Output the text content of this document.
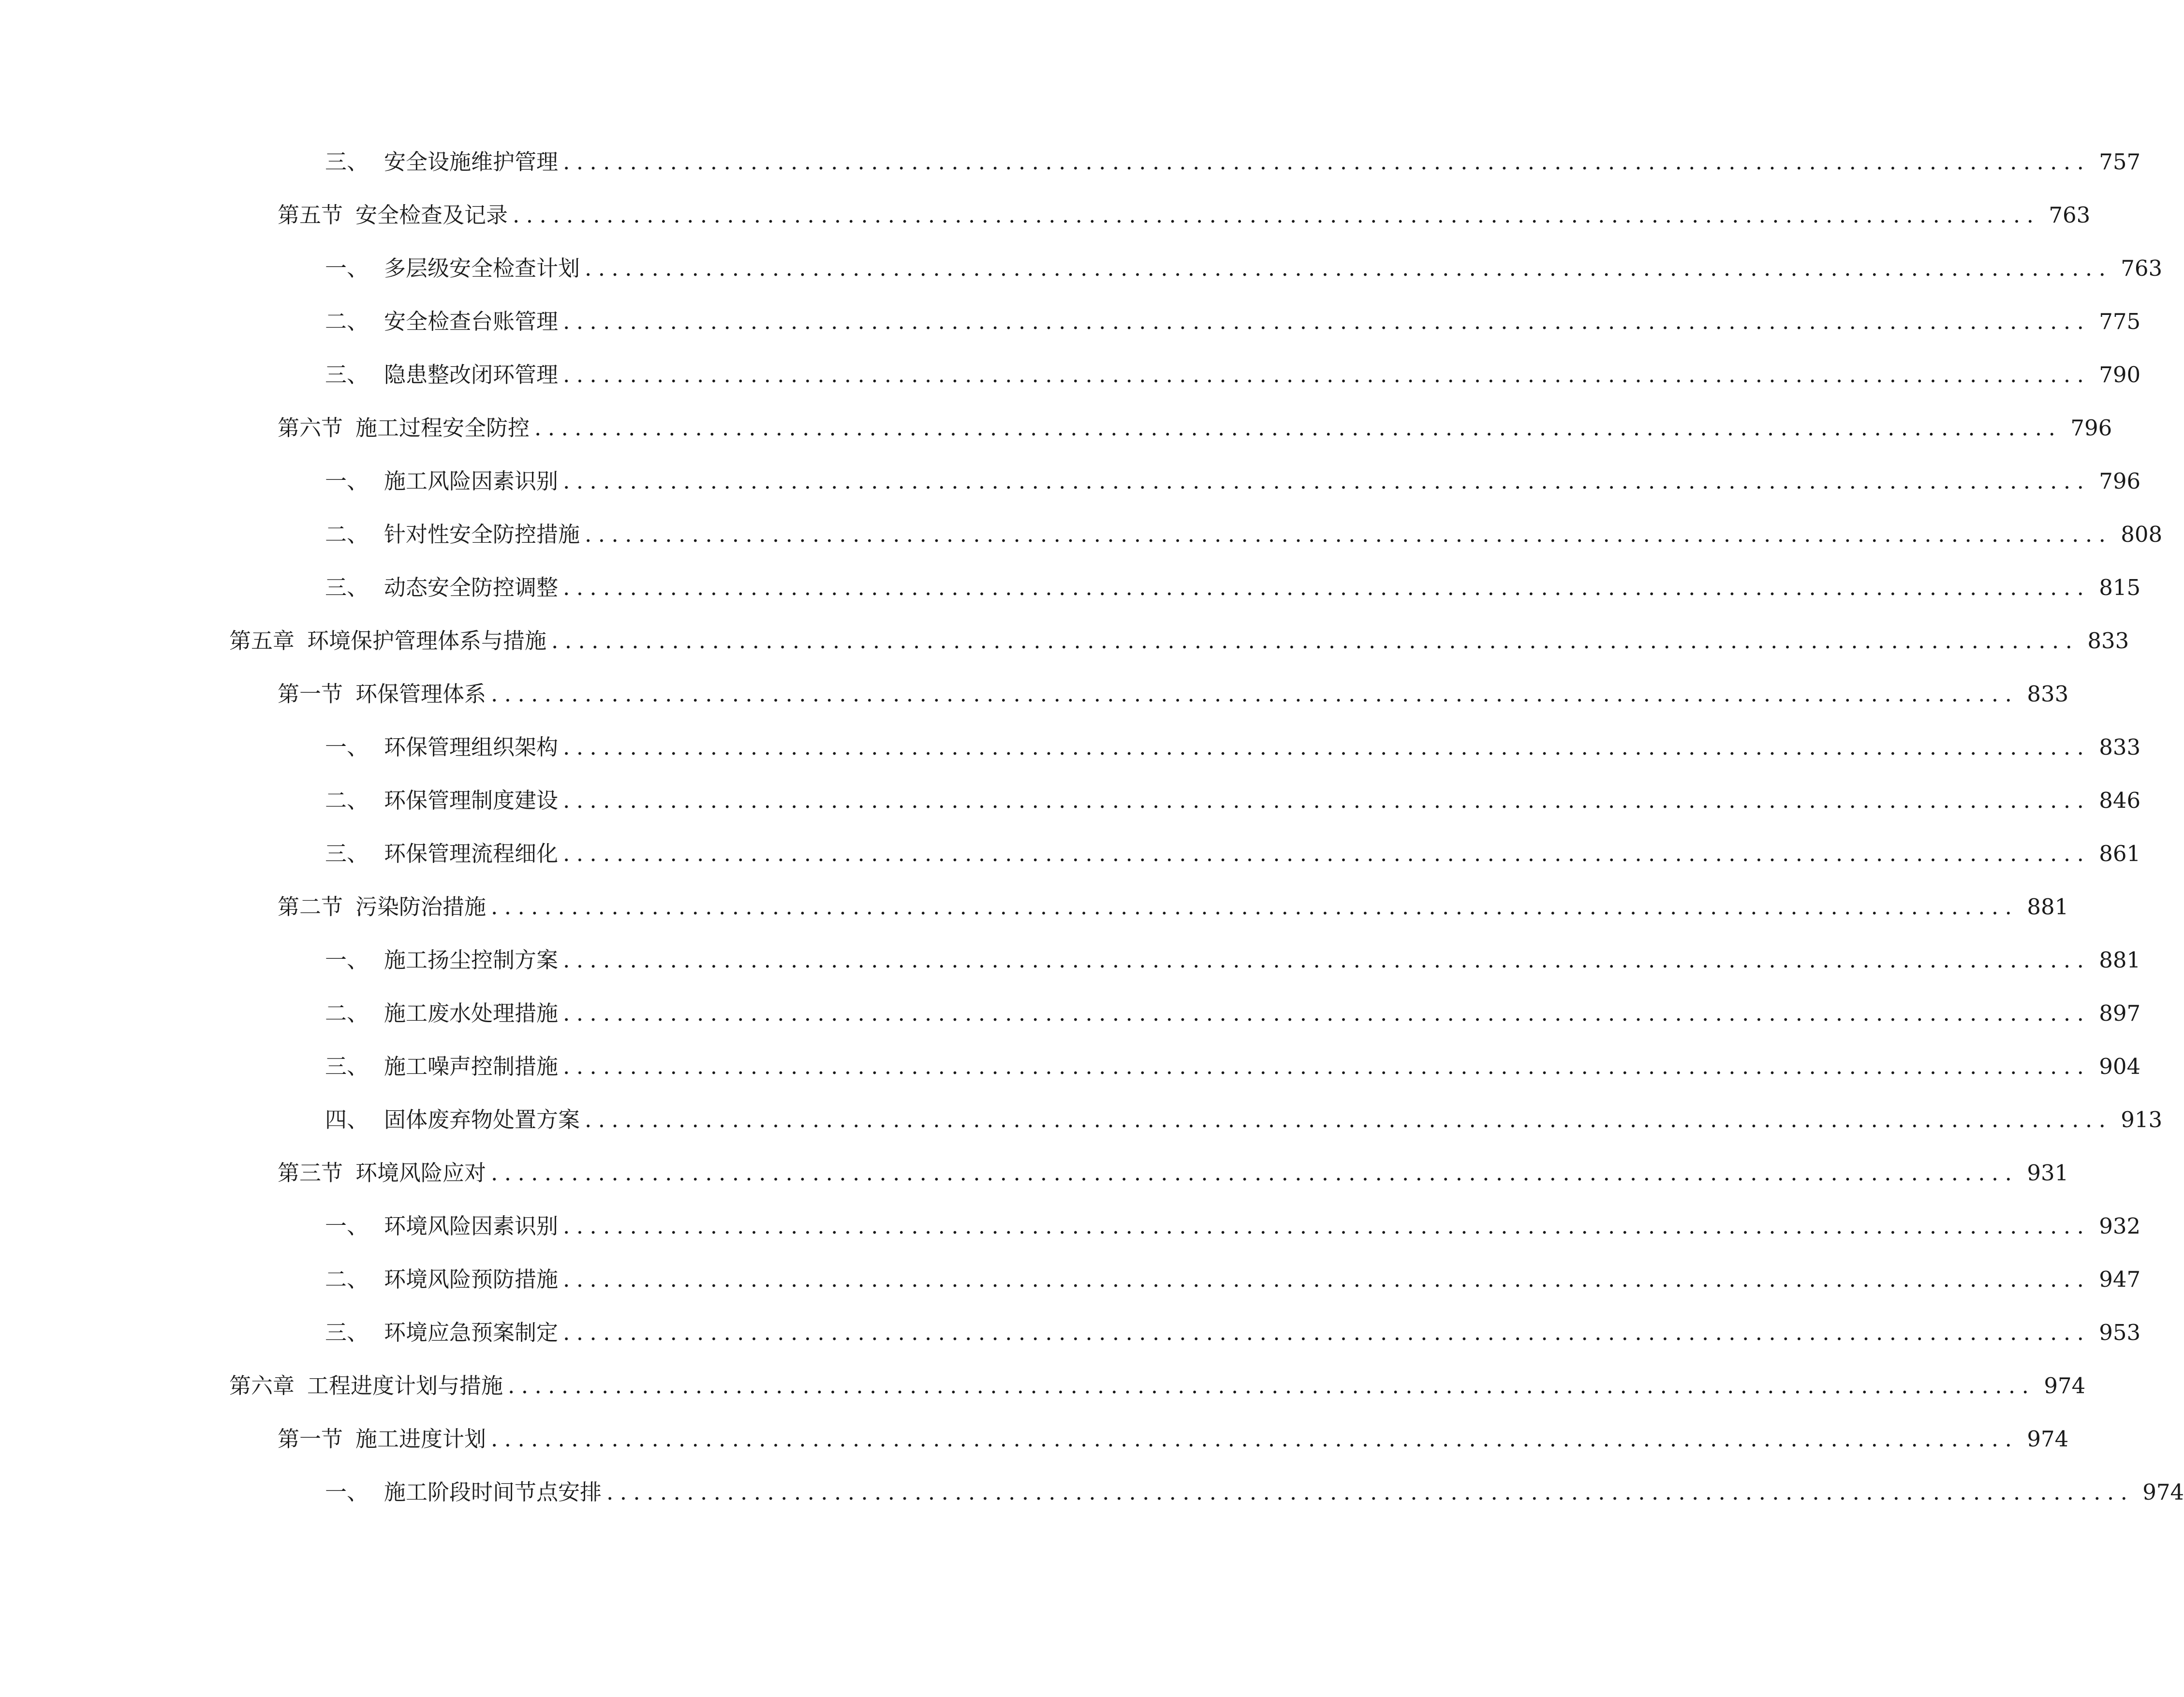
三、 安全设施维护管理 .................................................................................................................. 757
第五节 安全检查及记录 .................................................................................................................. 763
一、 多层级安全检查计划 .................................................................................................................. 763
二、 安全检查台账管理 .................................................................................................................. 775
三、 隐患整改闭环管理 .................................................................................................................. 790
第六节 施工过程安全防控 .................................................................................................................. 796
一、 施工风险因素识别 .................................................................................................................. 796
二、 针对性安全防控措施 .................................................................................................................. 808
三、 动态安全防控调整 .................................................................................................................. 815
第五章 环境保护管理体系与措施 .................................................................................................................. 833
第一节 环保管理体系 .................................................................................................................. 833
一、 环保管理组织架构 .................................................................................................................. 833
二、 环保管理制度建设 .................................................................................................................. 846
三、 环保管理流程细化 .................................................................................................................. 861
第二节 污染防治措施 .................................................................................................................. 881
一、 施工扬尘控制方案 .................................................................................................................. 881
二、 施工废水处理措施 .................................................................................................................. 897
三、 施工噪声控制措施 .................................................................................................................. 904
四、 固体废弃物处置方案 .................................................................................................................. 913
第三节 环境风险应对 .................................................................................................................. 931
一、 环境风险因素识别 .................................................................................................................. 932
二、 环境风险预防措施 .................................................................................................................. 947
三、 环境应急预案制定 .................................................................................................................. 953
第六章 工程进度计划与措施 .................................................................................................................. 974
第一节 施工进度计划 .................................................................................................................. 974
一、 施工阶段时间节点安排 .................................................................................................................. 974
